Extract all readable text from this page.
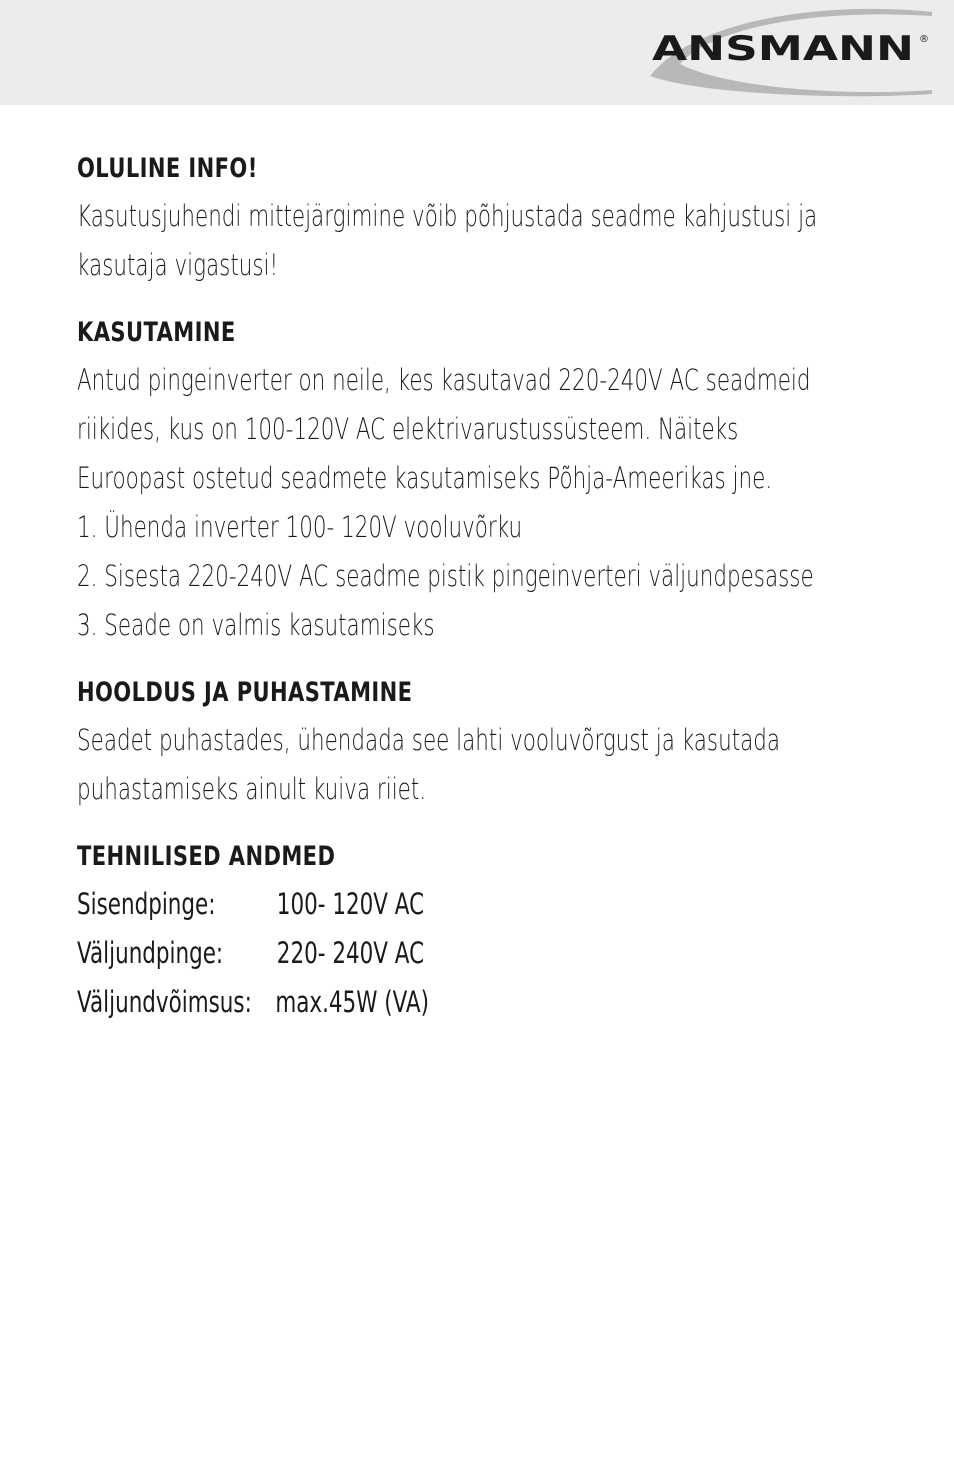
ANSMANN ®

OLULINE INFO!

Kasutusjuhendi mittejärgimine võib põhjustada seadme kahjustusi ja

kasutaja vigastusi!

KASUTAMINE

Antud pingeinverter on neile, kes kasutavad 220-240V AC seadmeid

riikides, kus on 100-120V AC elektrivarustussüsteem. Näiteks

Euroopast ostetud seadmete kasutamiseks Põhja-Ameerikas jne.

1. Ühenda inverter 100- 120V vooluvõrku

2. Sisesta 220-240V AC seadme pistik pingeinverteri väljundpesasse

3. Seade on valmis kasutamiseks

HOOLDUS JA PUHASTAMINE

Seadet puhastades, ühendada see lahti vooluvõrgust ja kasutada

puhastamiseks ainult kuiva riiet.

TEHNILISED ANDMED

Sisendpinge:	100- 120V AC
Väljundpinge:	220- 240V AC
Väljundvõimsus: max.45W (VA)
